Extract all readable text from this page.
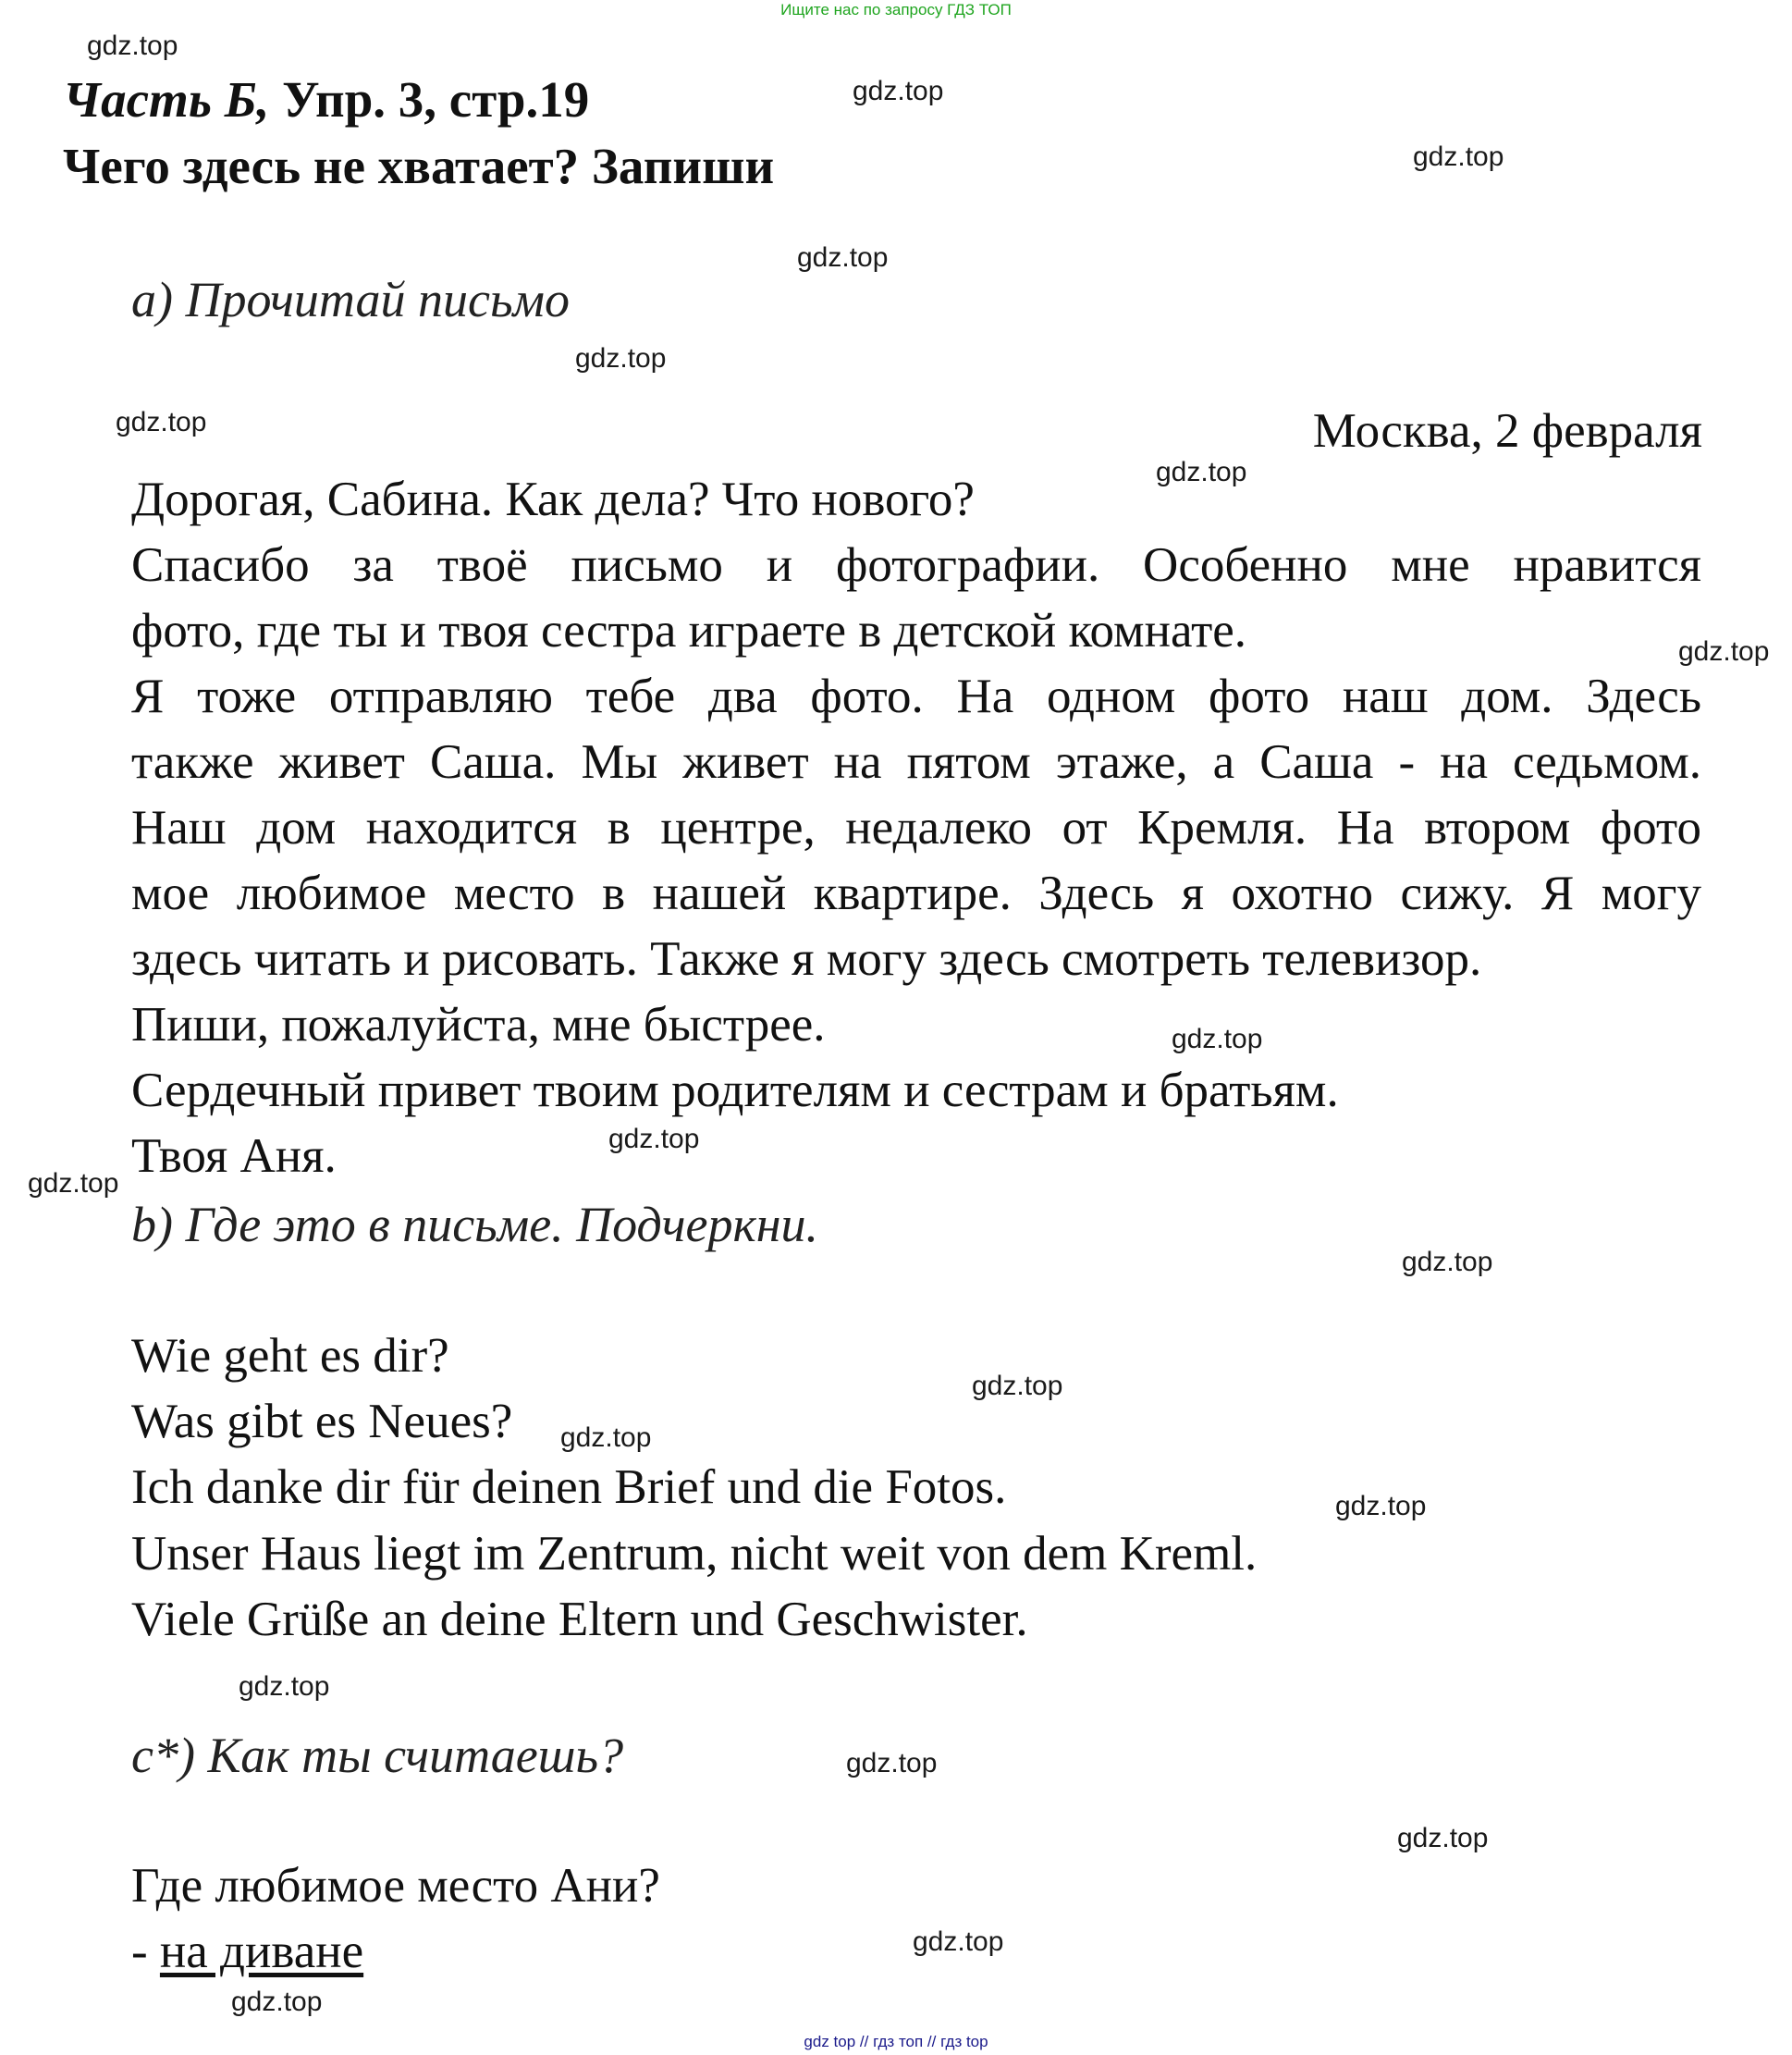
Ищите нас по запросу ГДЗ ТОП
Часть Б, Упр. 3, стр.19
Чего здесь не хватает? Запиши
а) Прочитай письмо
Москва, 2 февраля
Дорогая, Сабина. Как дела? Что нового?
Спасибо за твоё письмо и фотографии. Особенно мне нравится
фото, где ты и твоя сестра играете в детской комнате.
Я тоже отправляю тебе два фото. На одном фото наш дом. Здесь
также живет Саша. Мы живет на пятом этаже, а Саша - на седьмом.
Наш дом находится в центре, недалеко от Кремля. На втором фото
мое любимое место в нашей квартире. Здесь я охотно сижу. Я могу
здесь читать и рисовать. Также я могу здесь смотреть телевизор.
Пиши, пожалуйста, мне быстрее.
Сердечный привет твоим родителям и сестрам и братьям.
Твоя Аня.
b) Где это в письме. Подчеркни.
Wie geht es dir?
Was gibt es Neues?
Ich danke dir für deinen Brief und die Fotos.
Unser Haus liegt im Zentrum, nicht weit von dem Kreml.
Viele Grüße an deine Eltern und Geschwister.
c*) Как ты считаешь?
Где любимое место Ани?
- на диване
gdz.top
gdz.top
gdz.top
gdz.top
gdz.top
gdz.top
gdz.top
gdz.top
gdz.top
gdz.top
gdz.top
gdz.top
gdz.top
gdz.top
gdz.top
gdz.top
gdz.top
gdz.top
gdz.top
gdz.top
gdz top // гдз топ // гдз top
